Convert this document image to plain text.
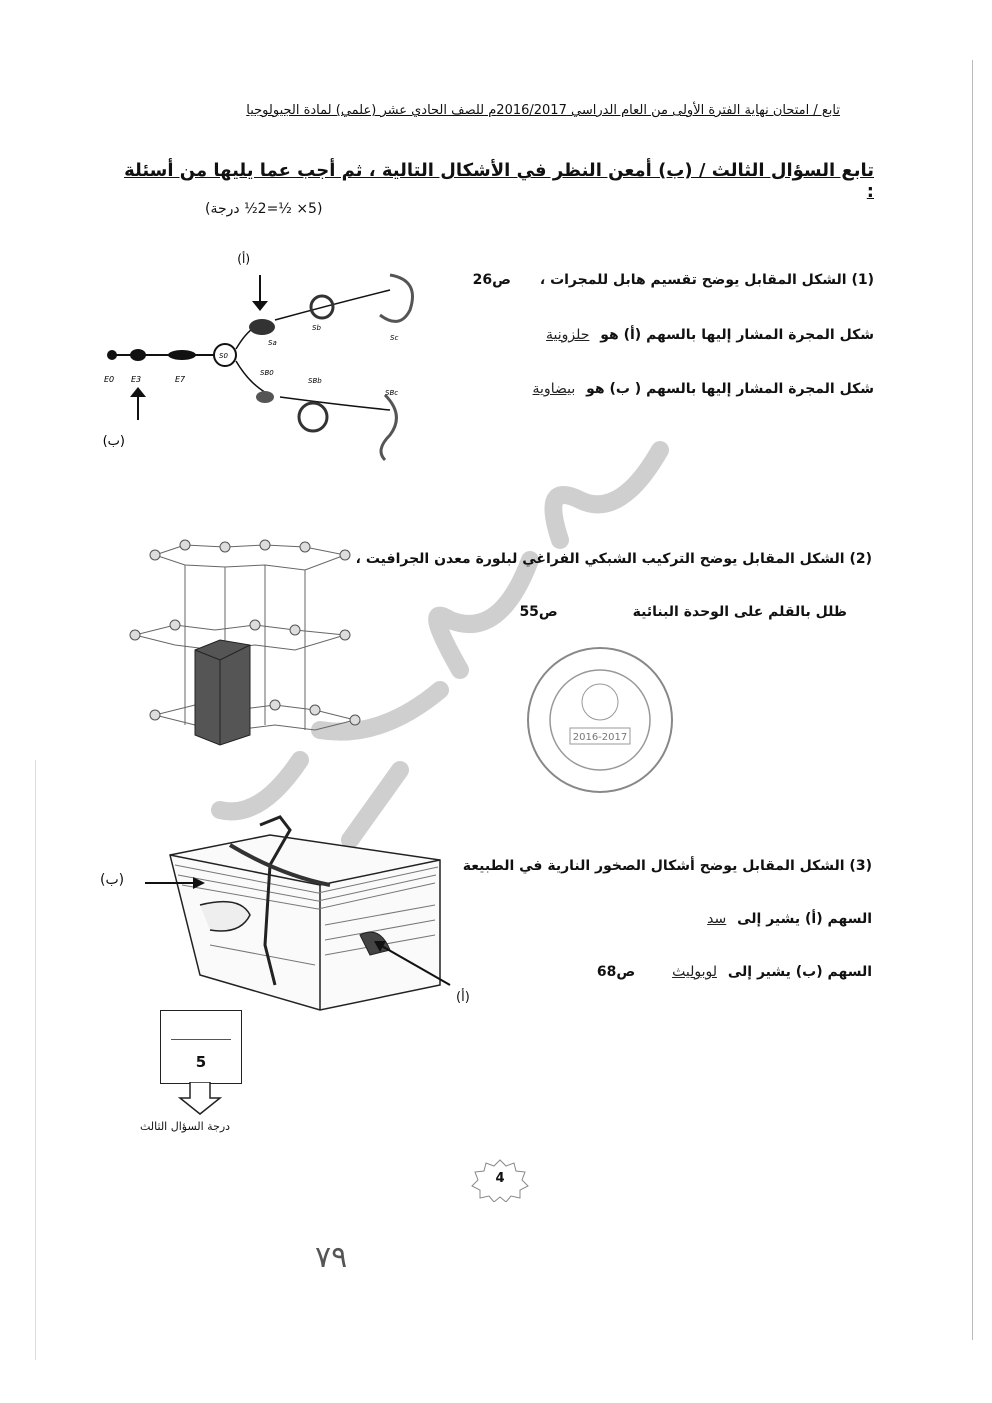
تابع / امتحان نهاية الفترة الأولى من العام الدراسي 2016/2017م للصف الحادي عشر (علمي) لمادة الجيولوجيا
تابع السؤال الثالث / (ب) أمعن النظر في الأشكال التالية ، ثم أجب عما يليها من أسئلة :
(5× ½=2½ درجة)
E0 E3	E7
S0
Sa
Sb
Sc
SB0
SBb
SBc
(أ)
(ب)
(1) الشكل المقابل يوضح تقسيم هابل للمجرات ، ص26
شكل المجرة المشار إليها بالسهم (أ) هو حلزونية
شكل المجرة المشار إليها بالسهم ( ب) هو بيضاوية
(2) الشكل المقابل يوضح التركيب الشبكي الفراغي لبلورة معدن الجرافيت ،
ظلل بالقلم على الوحدة البنائية ص55
2016-2017
(ب)
(أ)
(3) الشكل المقابل يوضح أشكال الصخور النارية في الطبيعة
السهم (أ) يشير إلى سد
السهم (ب) يشير إلى لوبوليث ص68
5
درجة السؤال الثالث
4
٧٩
